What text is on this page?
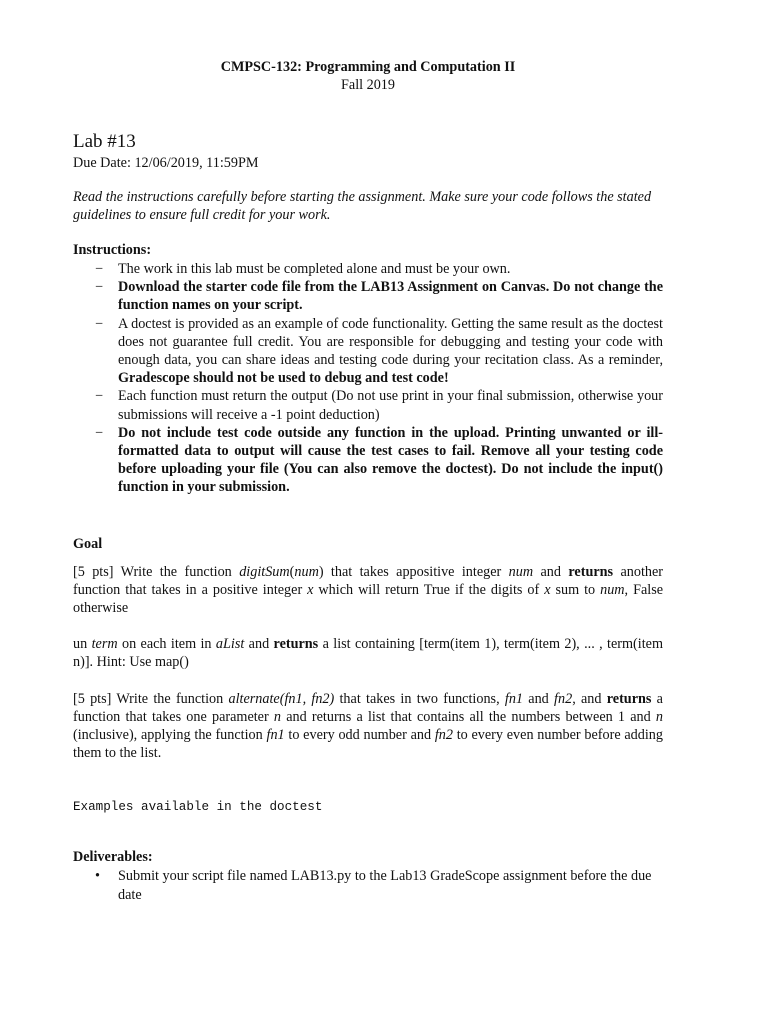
CMPSC-132: Programming and Computation II
Fall 2019
Lab #13
Due Date: 12/06/2019, 11:59PM
Read the instructions carefully before starting the assignment. Make sure your code follows the stated guidelines to ensure full credit for your work.
Instructions:
− The work in this lab must be completed alone and must be your own.
− Download the starter code file from the LAB13 Assignment on Canvas. Do not change the function names on your script.
− A doctest is provided as an example of code functionality. Getting the same result as the doctest does not guarantee full credit. You are responsible for debugging and testing your code with enough data, you can share ideas and testing code during your recitation class. As a reminder, Gradescope should not be used to debug and test code!
− Each function must return the output (Do not use print in your final submission, otherwise your submissions will receive a -1 point deduction)
− Do not include test code outside any function in the upload. Printing unwanted or ill-formatted data to output will cause the test cases to fail. Remove all your testing code before uploading your file (You can also remove the doctest). Do not include the input() function in your submission.
Goal

[5 pts] Write the function digitSum(num) that takes appositive integer num and returns another function that takes in a positive integer x which will return True if the digits of x sum to num, False otherwise

un term on each item in aList and returns a list containing [term(item 1), term(item 2), ... , term(item n)]. Hint: Use map()

[5 pts] Write the function alternate(fn1, fn2) that takes in two functions, fn1 and fn2, and returns a function that takes one parameter n and returns a list that contains all the numbers between 1 and n (inclusive), applying the function fn1 to every odd number and fn2 to every even number before adding them to the list.

Examples available in the doctest
Deliverables:
• Submit your script file named LAB13.py to the Lab13 GradeScope assignment before the due date
